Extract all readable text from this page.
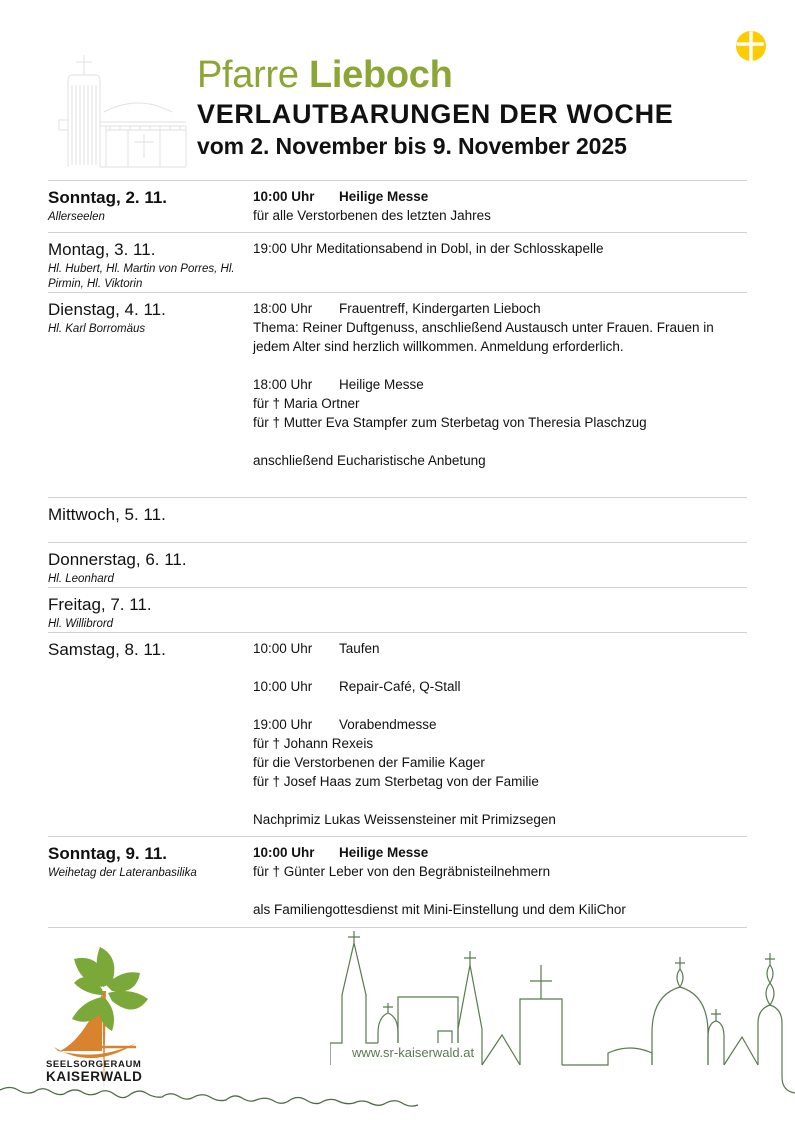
Pfarre Lieboch
VERLAUTBARUNGEN DER WOCHE
vom 2. November bis 9. November 2025
Sonntag, 2. 11.
Allerseelen
10:00 Uhr	Heilige Messe
für alle Verstorbenen des letzten Jahres
Montag, 3. 11.
Hl. Hubert, Hl. Martin von Porres, Hl. Pirmin, Hl. Viktorin
19:00 Uhr Meditationsabend in Dobl, in der Schlosskapelle
Dienstag, 4. 11.
Hl. Karl Borromäus
18:00 Uhr	Frauentreff, Kindergarten Lieboch
Thema: Reiner Duftgenuss, anschließend Austausch unter Frauen. Frauen in jedem Alter sind herzlich willkommen. Anmeldung erforderlich.
18:00 Uhr	Heilige Messe
für † Maria Ortner
für † Mutter Eva Stampfer zum Sterbetag von Theresia Plaschzug
anschließend Eucharistische Anbetung
Mittwoch, 5. 11.
Donnerstag, 6. 11.
Hl. Leonhard
Freitag, 7. 11.
Hl. Willibrord
Samstag, 8. 11.	10:00 Uhr	Taufen
10:00 Uhr	Repair-Café, Q-Stall
19:00 Uhr	Vorabendmesse
für † Johann Rexeis
für die Verstorbenen der Familie Kager
für † Josef Haas zum Sterbetag von der Familie
Nachprimiz Lukas Weissensteiner mit Primizsegen
Sonntag, 9. 11.
Weihetag der Lateranbasilika
10:00 Uhr	Heilige Messe
für † Günter Leber von den Begräbnisteilnehmern
als Familiengottesdienst mit Mini-Einstellung und dem KiliChor
SEELSORGERAUM
KAISERWALD
www.sr-kaiserwald.at
